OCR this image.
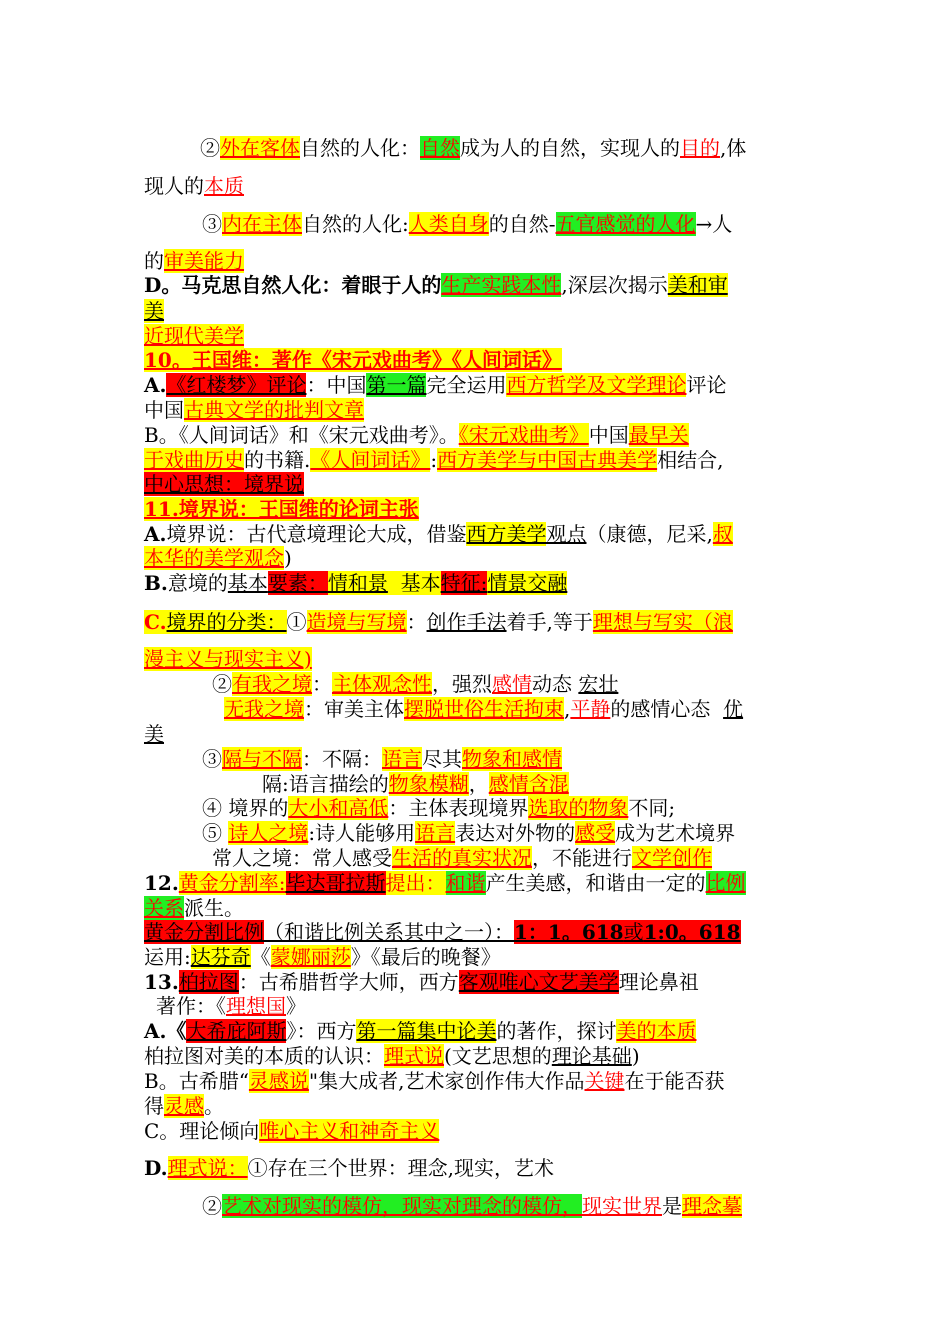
②外在客体自然的人化：自然成为人的自然，实现人的目的,体
现人的本质
③内在主体自然的人化:人类自身的自然-五官感觉的人化→人
的审美能力
D。马克思自然人化：着眼于人的生产实践本性,深层次揭示美和审
美
近现代美学
10。王国维：著作《宋元戏曲考》《人间词话》
A.《红楼梦》评论：中国第一篇完全运用西方哲学及文学理论评论
中国古典文学的批判文章
B。《人间词话》和《宋元戏曲考》。《宋元戏曲考》中国最早关
于戏曲历史的书籍.《人间词话》:西方美学与中国古典美学相结合,
中心思想：境界说
11.境界说：王国维的论词主张
A.境界说：古代意境理论大成，借鉴西方美学观点（康德，尼采,叔
本华的美学观念)
B.意境的基本要素：情和景  基本特征:情景交融
C.境界的分类：①造境与写境：创作手法着手,等于理想与写实（浪
漫主义与现实主义)
②有我之境：主体观念性，强烈感情动态 宏壮
无我之境：审美主体摆脱世俗生活拘束,平静的感情心态  优
美
③隔与不隔：不隔：语言尽其物象和感情
隔:语言描绘的物象模糊，感情含混
④ 境界的大小和高低：主体表现境界选取的物象不同;
⑤ 诗人之境:诗人能够用语言表达对外物的感受成为艺术境界
常人之境：常人感受生活的真实状况，不能进行文学创作
12.黄金分割率:毕达哥拉斯提出：和谐产生美感，和谐由一定的比例
关系派生。
黄金分割比例（和谐比例关系其中之一）：1：1。618或1:0。618
运用:达芬奇《蒙娜丽莎》《最后的晚餐》
13.柏拉图：古希腊哲学大师，西方客观唯心文艺美学理论鼻祖
著作：《理想国》
A.《大希庇阿斯》：西方第一篇集中论美的著作，探讨美的本质
柏拉图对美的本质的认识：理式说(文艺思想的理论基础)
B。古希腊“灵感说"集大成者,艺术家创作伟大作品关键在于能否获
得灵感。
C。理论倾向唯心主义和神奇主义
D.理式说：①存在三个世界：理念,现实，艺术
②艺术对现实的模仿，现实对理念的模仿，现实世界是理念摹
